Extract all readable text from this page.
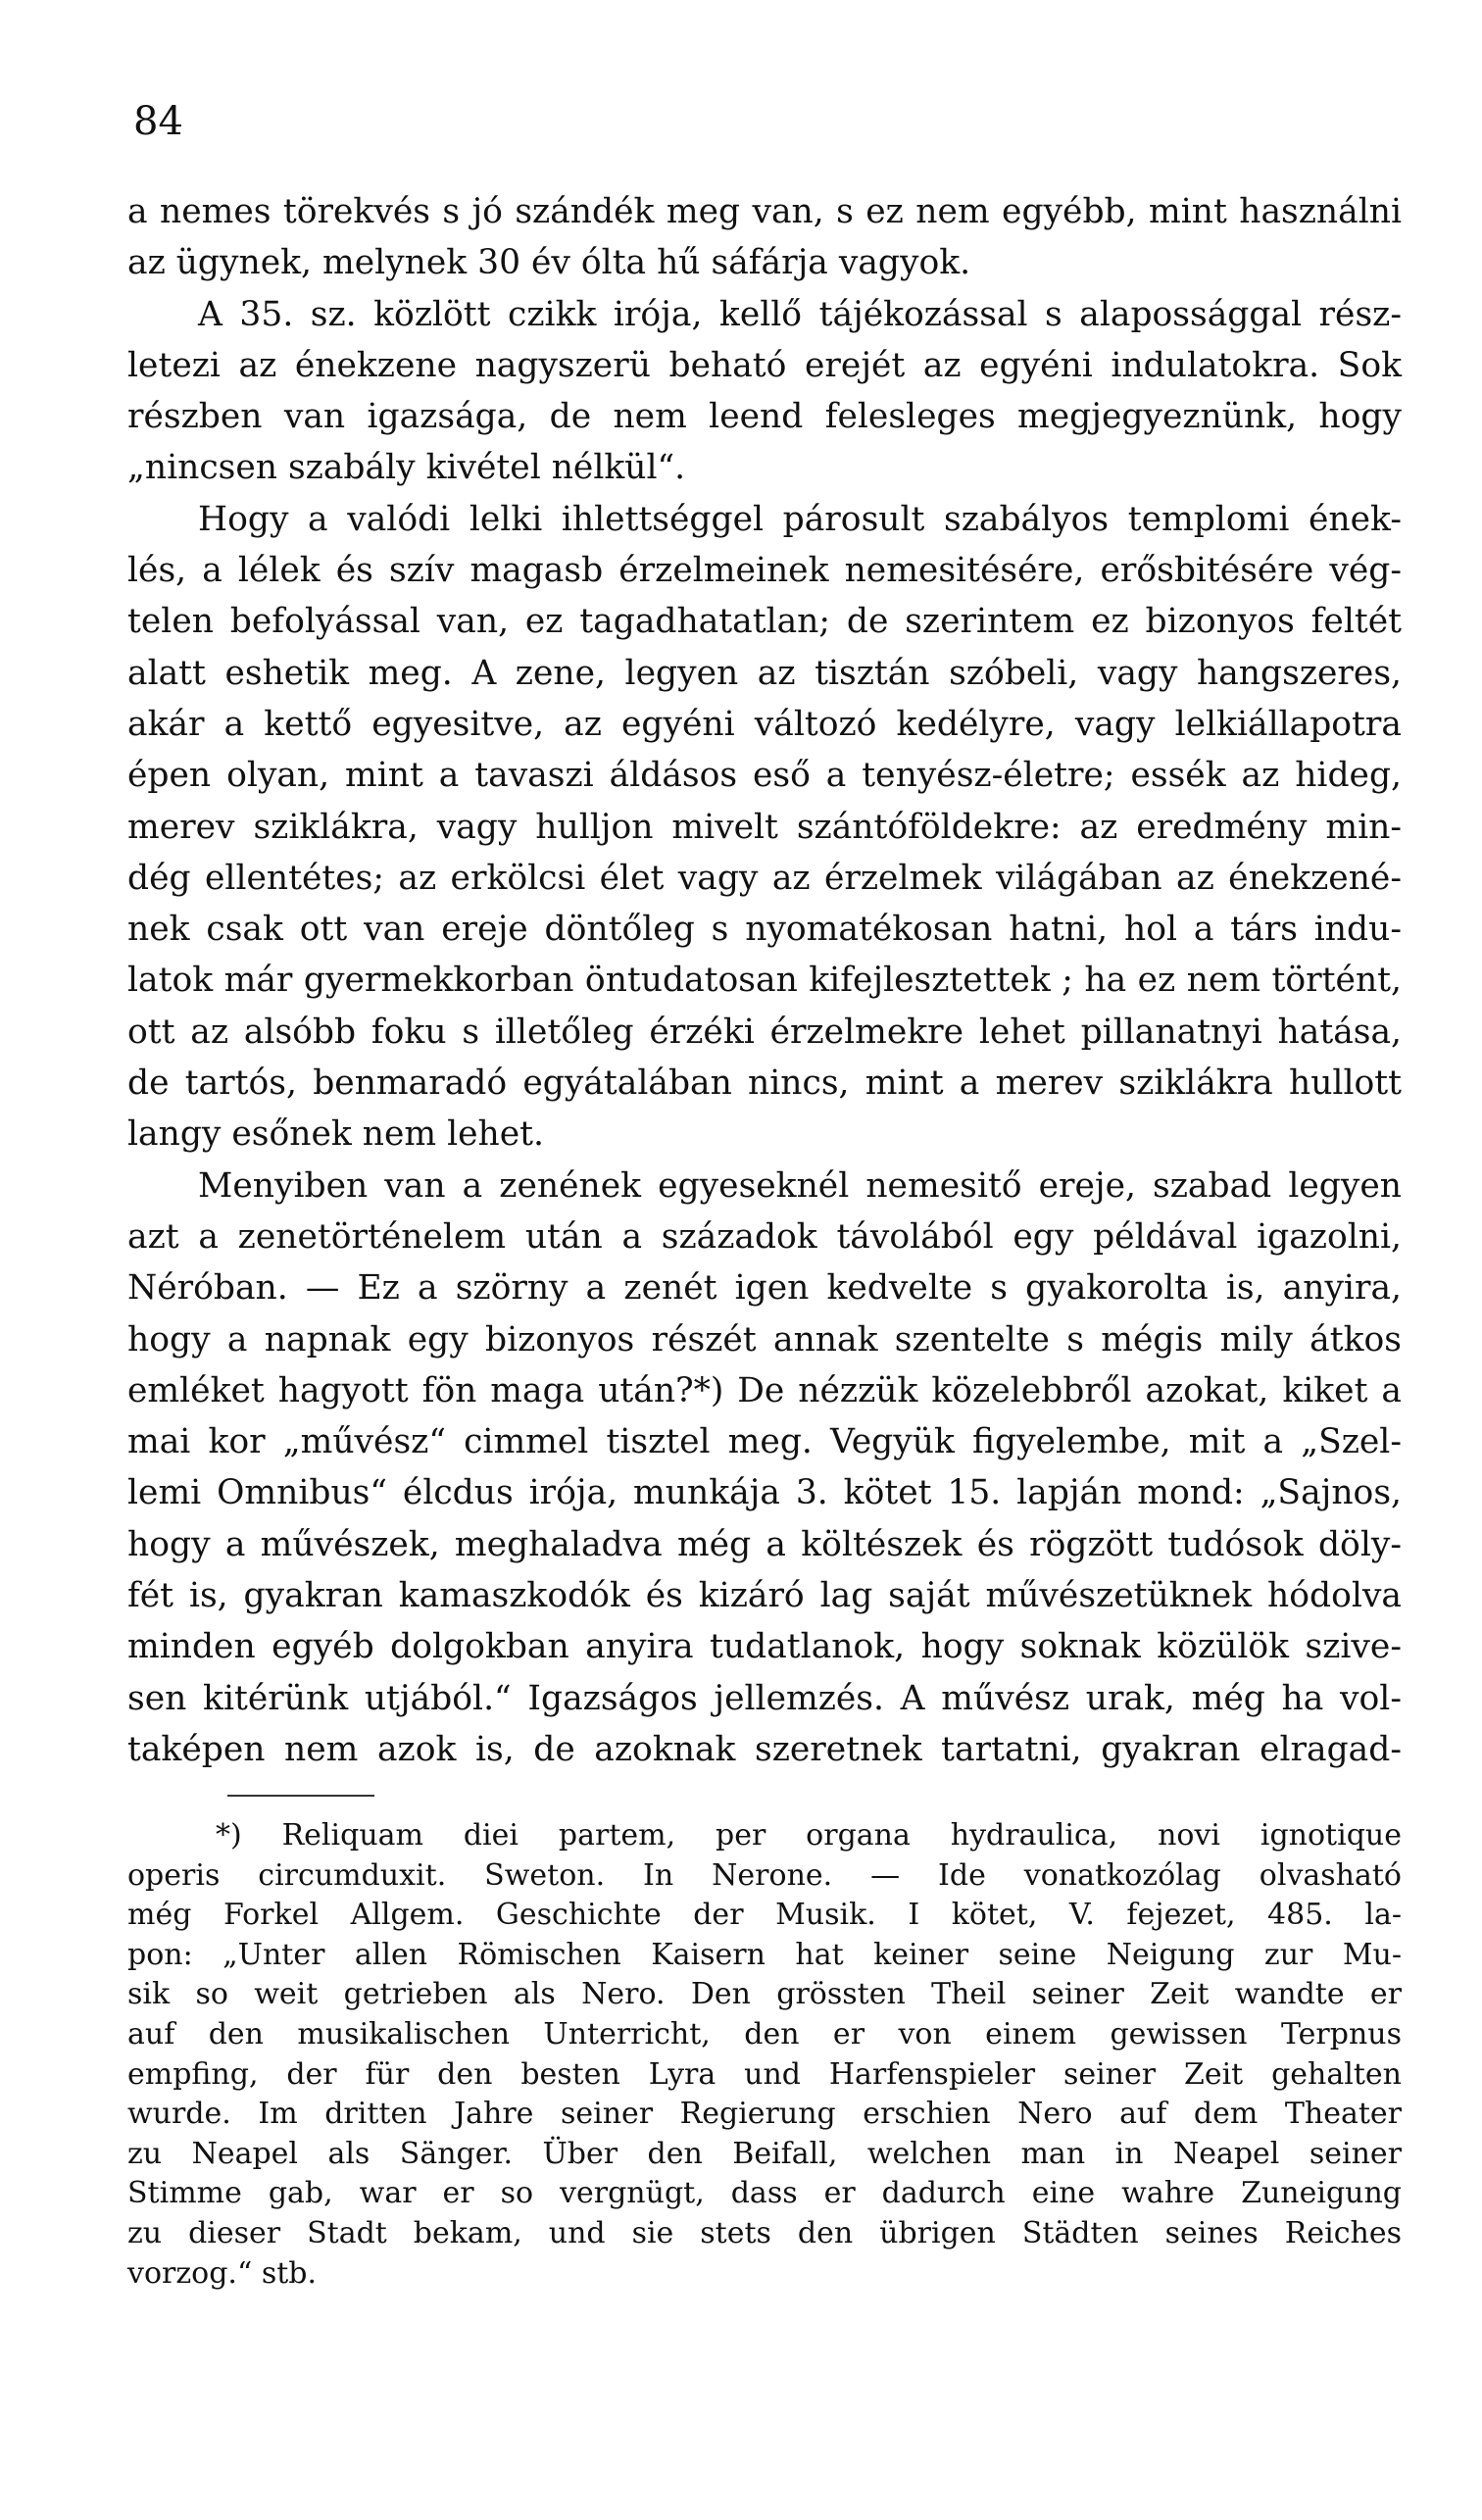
84
a nemes törekvés s jó szándék meg van, s ez nem egyébb, mint használni
az ügynek, melynek 30 év ólta hű sáfárja vagyok.
A 35. sz. közlött czikk irója, kellő tájékozással s alapossággal rész-
letezi az énekzene nagyszerü beható erejét az egyéni indulatokra. Sok
részben van igazsága, de nem leend felesleges megjegyeznünk, hogy
„nincsen szabály kivétel nélkül“.
Hogy a valódi lelki ihlettséggel párosult szabályos templomi ének-
lés, a lélek és szív magasb érzelmeinek nemesitésére, erősbitésére vég-
telen befolyással van, ez tagadhatatlan; de szerintem ez bizonyos feltét
alatt eshetik meg. A zene, legyen az tisztán szóbeli, vagy hangszeres,
akár a kettő egyesitve, az egyéni változó kedélyre, vagy lelkiállapotra
épen olyan, mint a tavaszi áldásos eső a tenyész-életre; essék az hideg,
merev sziklákra, vagy hulljon mivelt szántóföldekre: az eredmény min-
dég ellentétes; az erkölcsi élet vagy az érzelmek világában az énekzené-
nek csak ott van ereje döntőleg s nyomatékosan hatni, hol a társ indu-
latok már gyermekkorban öntudatosan kifejlesztettek ; ha ez nem történt,
ott az alsóbb foku s illetőleg érzéki érzelmekre lehet pillanatnyi hatása,
de tartós, benmaradó egyátalában nincs, mint a merev sziklákra hullott
langy esőnek nem lehet.
Menyiben van a zenének egyeseknél nemesitő ereje, szabad legyen
azt a zenetörténelem után a századok távolából egy példával igazolni,
Néróban. — Ez a szörny a zenét igen kedvelte s gyakorolta is, anyira,
hogy a napnak egy bizonyos részét annak szentelte s mégis mily átkos
emléket hagyott fön maga után?*) De nézzük közelebbről azokat, kiket a
mai kor „művész“ cimmel tisztel meg. Vegyük figyelembe, mit a „Szel-
lemi Omnibus“ élcdus irója, munkája 3. kötet 15. lapján mond: „Sajnos,
hogy a művészek, meghaladva még a költészek és rögzött tudósok döly-
fét is, gyakran kamaszkodók és kizáró lag saját művészetüknek hódolva
minden egyéb dolgokban anyira tudatlanok, hogy soknak közülök szive-
sen kitérünk utjából.“ Igazságos jellemzés. A művész urak, még ha vol-
taképen nem azok is, de azoknak szeretnek tartatni, gyakran elragad-
*) Reliquam diei partem, per organa hydraulica, novi ignotique
operis circumduxit. Sweton. In Nerone. — Ide vonatkozólag olvasható
még Forkel Allgem. Geschichte der Musik. I kötet, V. fejezet, 485. la-
pon: „Unter allen Römischen Kaisern hat keiner seine Neigung zur Mu-
sik so weit getrieben als Nero. Den grössten Theil seiner Zeit wandte er
auf den musikalischen Unterricht, den er von einem gewissen Terpnus
empfing, der für den besten Lyra und Harfenspieler seiner Zeit gehalten
wurde. Im dritten Jahre seiner Regierung erschien Nero auf dem Theater
zu Neapel als Sänger. Über den Beifall, welchen man in Neapel seiner
Stimme gab, war er so vergnügt, dass er dadurch eine wahre Zuneigung
zu dieser Stadt bekam, und sie stets den übrigen Städten seines Reiches
vorzog.“ stb.
